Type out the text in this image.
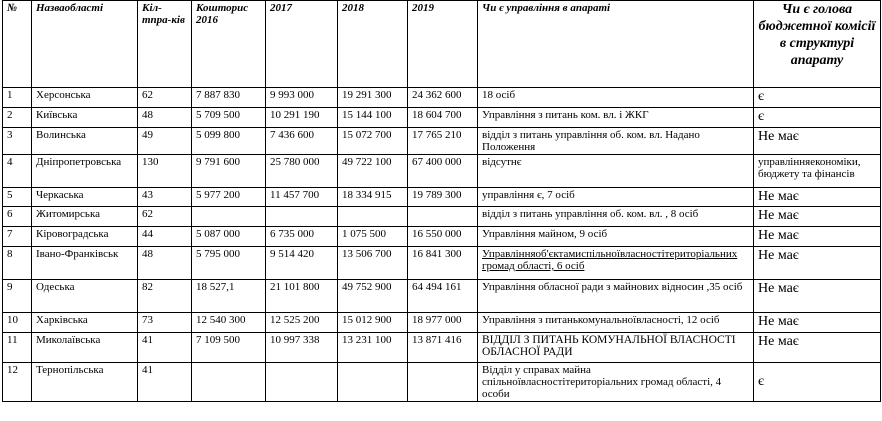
№	Назваобласті	Кіл-тпра-ків	Кошторис 2016	2017	2018	2019	Чи є управління в апараті	Чи є голова бюджетної комісії в структурі апарату
1	Херсонська	62	7 887 830	9 993 000	19 291 300	24 362 600	18 осіб	є
2	Київська	48	5 709 500	10 291 190	15 144 100	18 604 700	Управління з питань ком. вл. і ЖКГ	є
3	Волинська	49	5 099 800	7 436 600	15 072 700	17 765 210	відділ з питань управління об. ком. вл. Надано Положення	Не має
4	Дніпропетровська	130	9 791 600	25 780 000	49 722 100	67 400 000	відсутнє	управлінняекономіки, бюджету та фінансів
5	Черкаська	43	5 977 200	11 457 700	18 334 915	19 789 300	управління є, 7 осіб	Не має
6	Житомирська	62					відділ з питань управління об. ком. вл. , 8 осіб	Не має
7	Кіровоградська	44	5 087 000	6 735 000	1 075 500	16 550 000	Управління майном, 9 осіб	Не має
8	Івано-Франківськ	48	5 795 000	9 514 420	13 506 700	16 841 300	Управлінняоб'єктамиспільноївласностітериторіальних громад області, 6 осіб	Не має
9	Одеська	82	18 527,1	21 101 800	49 752 900	64 494 161	Управління обласної ради з майнових відносин ,35 осіб	Не має
10	Харківська	73	12 540 300	12 525 200	15 012 900	18 977 000	Управління з питанькомунальноївласності, 12 осіб	Не має
11	Миколаївська	41	7 109 500	10 997 338	13 231 100	13 871 416	ВІДДІЛ З ПИТАНЬ КОМУНАЛЬНОЇ ВЛАСНОСТІ ОБЛАСНОЇ РАДИ	Не має
12	Тернопільська	41					Відділ у справах майна спільноївласностітериторіальних громад області, 4 особи	є
